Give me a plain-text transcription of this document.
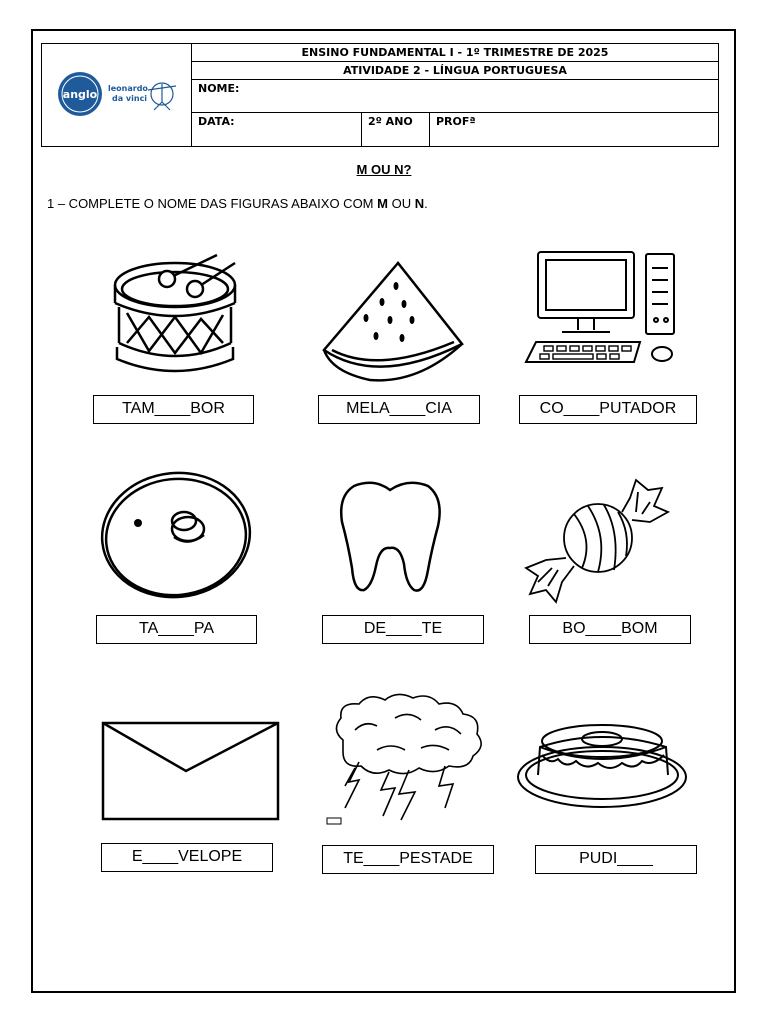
anglo leonardo
da vinci
ENSINO FUNDAMENTAL I - 1º TRIMESTRE DE 2025
ATIVIDADE 2 - LÍNGUA PORTUGUESA
NOME:
DATA:	2º ANO	PROFª
M OU N?
1 – COMPLETE O NOME DAS FIGURAS ABAIXO COM M OU N.
TAM____BOR	MELA____CIA	CO____PUTADOR
TA____PA	DE____TE	BO____BOM
E____VELOPE	TE____PESTADE	PUDI____
